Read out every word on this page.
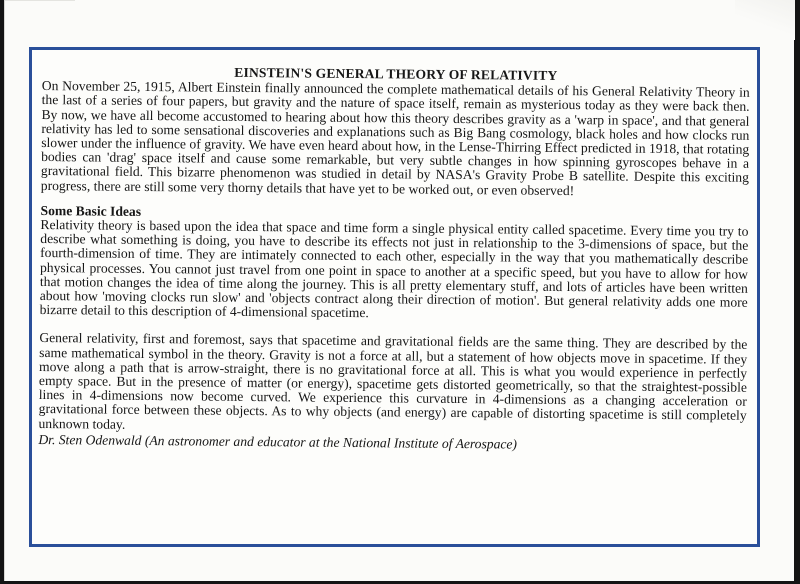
EINSTEIN'S GENERAL THEORY OF RELATIVITY

On November 25, 1915, Albert Einstein finally announced the complete mathematical details of his General Relativity Theory in the last of a series of four papers, but gravity and the nature of space itself, remain as mysterious today as they were back then. By now, we have all become accustomed to hearing about how this theory describes gravity as a 'warp in space', and that general relativity has led to some sensational discoveries and explanations such as Big Bang cosmology, black holes and how clocks run slower under the influence of gravity. We have even heard about how, in the Lense-Thirring Effect predicted in 1918, that rotating bodies can 'drag' space itself and cause some remarkable, but very subtle changes in how spinning gyroscopes behave in a gravitational field. This bizarre phenomenon was studied in detail by NASA's Gravity Probe B satellite. Despite this exciting progress, there are still some very thorny details that have yet to be worked out, or even observed!

Some Basic Ideas

Relativity theory is based upon the idea that space and time form a single physical entity called spacetime. Every time you try to describe what something is doing, you have to describe its effects not just in relationship to the 3-dimensions of space, but the fourth-dimension of time. They are intimately connected to each other, especially in the way that you mathematically describe physical processes. You cannot just travel from one point in space to another at a specific speed, but you have to allow for how that motion changes the idea of time along the journey. This is all pretty elementary stuff, and lots of articles have been written about how 'moving clocks run slow' and 'objects contract along their direction of motion'. But general relativity adds one more bizarre detail to this description of 4-dimensional spacetime.

General relativity, first and foremost, says that spacetime and gravitational fields are the same thing. They are described by the same mathematical symbol in the theory. Gravity is not a force at all, but a statement of how objects move in spacetime. If they move along a path that is arrow-straight, there is no gravitational force at all. This is what you would experience in perfectly empty space. But in the presence of matter (or energy), spacetime gets distorted geometrically, so that the straightest-possible lines in 4-dimensions now become curved. We experience this curvature in 4-dimensions as a changing acceleration or gravitational force between these objects. As to why objects (and energy) are capable of distorting spacetime is still completely unknown today.

Dr. Sten Odenwald (An astronomer and educator at the National Institute of Aerospace)
